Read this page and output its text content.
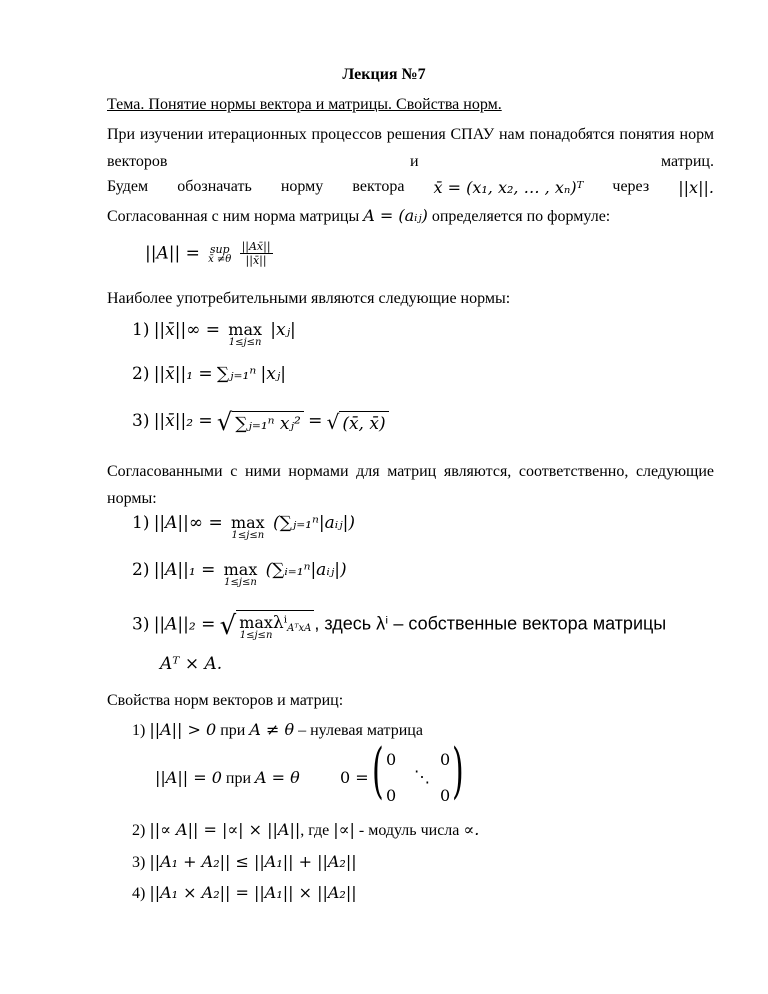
Лекция №7
Тема. Понятие нормы вектора и матрицы. Свойства норм.
При изучении итерационных процессов решения СПАУ нам понадобятся понятия норм векторов и матриц.
Будем обозначать норму вектора x̄ = (x₁, x₂, … , xₙ)ᵀ через ||x||.
Согласованная с ним норма матрицы A = (aᵢⱼ) определяется по формуле:
||A|| = sup
x̄ ≠θ
$\frac{||Ax̄||}{||x̄||}$
Наиболее употребительными являются следующие нормы:
1) ||x̄||∞ = max
1≤j≤n
|xⱼ|
2) ||x̄||₁ = ∑ⱼ₌₁ⁿ |xⱼ|
3) ||x̄||₂ = √ ∑ⱼ₌₁ⁿ xⱼ² = √ (x̄, x̄)
Согласованными с ними нормами для матриц являются, соответственно, следующие нормы:
1) ||A||∞ = max
1≤j≤n
(∑ⱼ₌₁ⁿ|aᵢⱼ|)
2) ||A||₁ = max
1≤j≤n
(∑ᵢ₌₁ⁿ|aᵢⱼ|)
3) ||A||₂ = √ max
1≤j≤n
λⁱ$_{AᵀxA}$ , здесь λⁱ – собственные вектора матрицы
Aᵀ × A.
Свойства норм векторов и матриц:
1) ||A|| > 0 при A ≠ θ – нулевая матрица
||A|| = 0 при A = θ	0 = ( 0	0
⋱
0	0 )
2) ||∝ A|| = |∝| × ||A||, где |∝| - модуль числа ∝.
3) ||A₁ + A₂|| ≤ ||A₁|| + ||A₂||
4) ||A₁ × A₂|| = ||A₁|| × ||A₂||
